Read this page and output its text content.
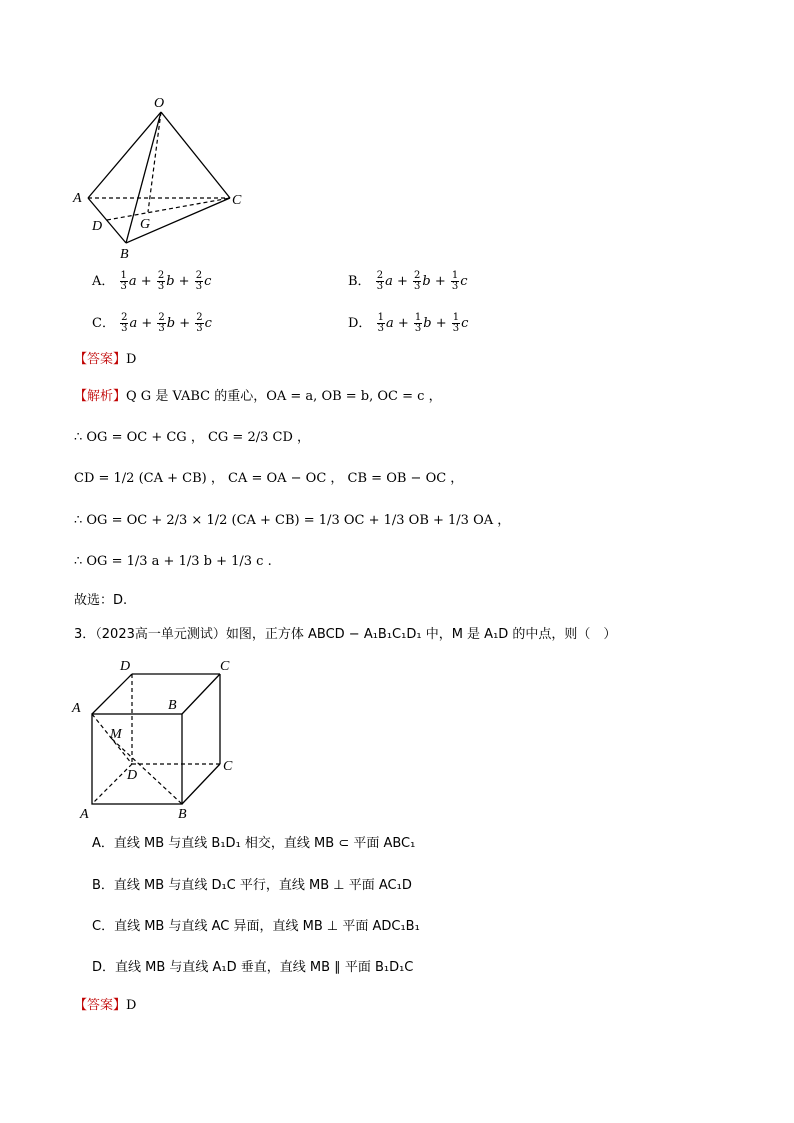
O
A
B
C
D	G
A． $\frac{1}{3}$ $a + \frac{2}{3}$ $b + \frac{2}{3}$ c	B． $\frac{2}{3}$ $a + \frac{2}{3}$ $b + \frac{1}{3}$ c
C． $\frac{2}{3}$ $a + \frac{2}{3}$ $b + \frac{2}{3}$ c	D． $\frac{1}{3}$ $a + \frac{1}{3}$ $b + \frac{1}{3}$ c
【答案】D
【解析】Q G 是 VABC 的重心，OA = a, OB = b, OC = c ，
∴ OG = OC + CG ， CG = 2/3 CD ，
CD = 1/2 (CA + CB) ， CA = OA − OC ， CB = OB − OC ，
∴ OG = OC + 2/3 × 1/2 (CA + CB) = 1/3 OC + 1/3 OB + 1/3 OA ，
∴ OG = 1/3 a + 1/3 b + 1/3 c .
故选：D.
3．（2023高一单元测试）如图，正方体 ABCD − A₁B₁C₁D₁ 中，M 是 A₁D 的中点，则（　）
D	C
A	B
M
D
C
A	B
A．直线 MB 与直线 B₁D₁ 相交，直线 MB ⊂ 平面 ABC₁
B．直线 MB 与直线 D₁C 平行，直线 MB ⊥ 平面 AC₁D
C．直线 MB 与直线 AC 异面，直线 MB ⊥ 平面 ADC₁B₁
D．直线 MB 与直线 A₁D 垂直，直线 MB ∥ 平面 B₁D₁C
【答案】D
